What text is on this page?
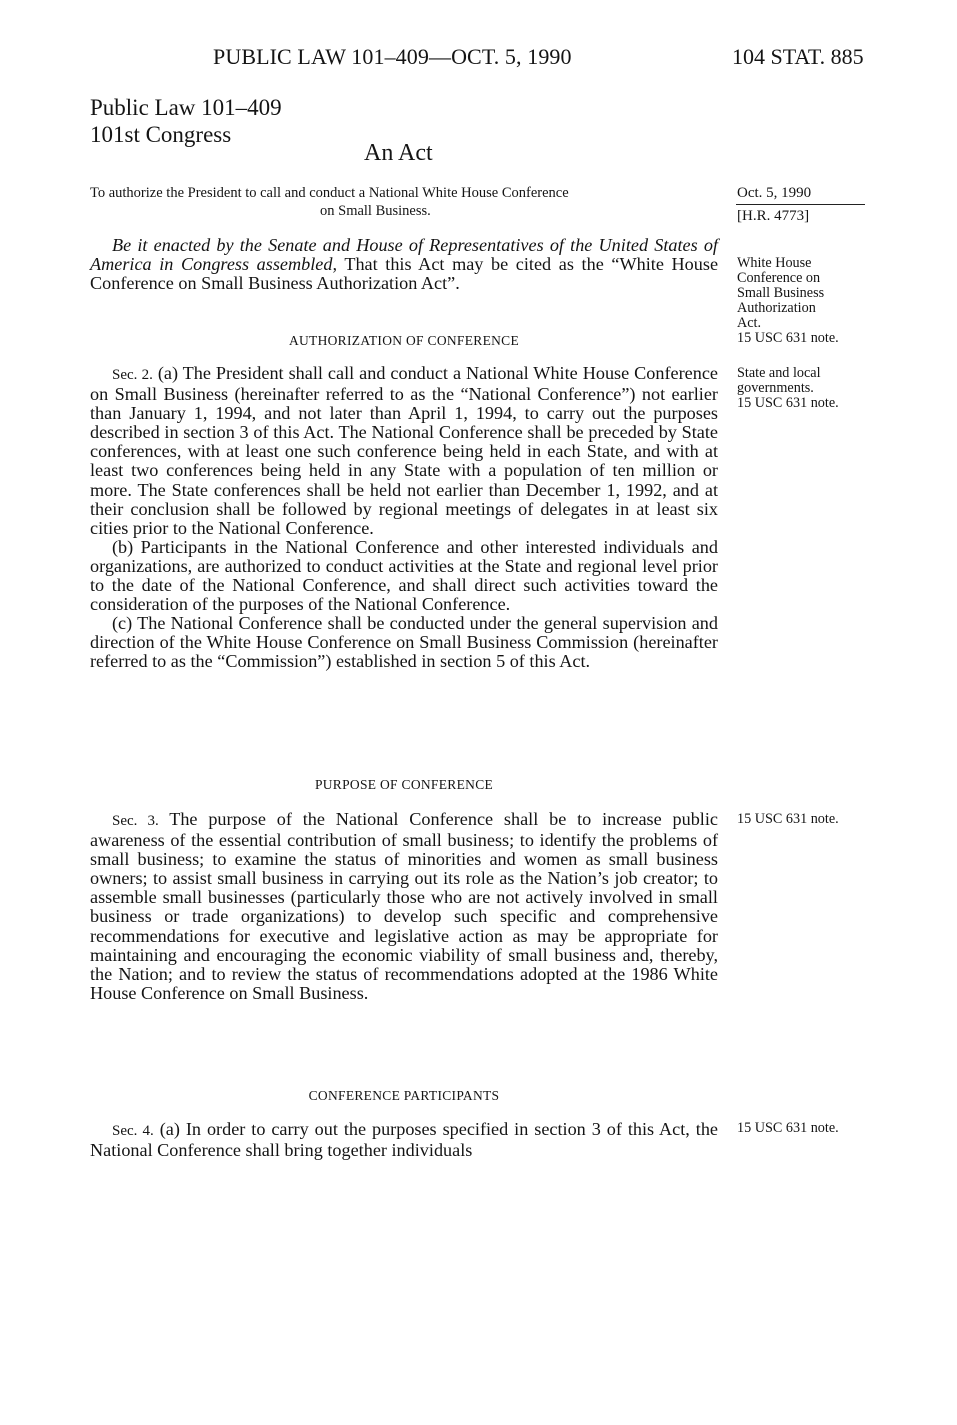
PUBLIC LAW 101–409—OCT. 5, 1990	104 STAT. 885
Public Law 101–409
101st Congress
An Act
To authorize the President to call and conduct a National White House Conference
on Small Business.
Oct. 5, 1990
[H.R. 4773]
White House
Conference on
Small Business
Authorization
Act.
15 USC 631 note.
State and local
governments.
15 USC 631 note.
15 USC 631 note.
15 USC 631 note.

Be it enacted by the Senate and House of Representatives of the United States of America in Congress assembled, That this Act may be cited as the “White House Conference on Small Business Authorization Act”.

AUTHORIZATION OF CONFERENCE

Sec. 2. (a) The President shall call and conduct a National White House Conference on Small Business (hereinafter referred to as the “National Conference”) not earlier than January 1, 1994, and not later than April 1, 1994, to carry out the purposes described in section 3 of this Act. The National Conference shall be preceded by State conferences, with at least one such conference being held in each State, and with at least two conferences being held in any State with a population of ten million or more. The State conferences shall be held not earlier than December 1, 1992, and at their conclusion shall be followed by regional meetings of delegates in at least six cities prior to the National Conference.

(b) Participants in the National Conference and other interested individuals and organizations, are authorized to conduct activities at the State and regional level prior to the date of the National Conference, and shall direct such activities toward the consideration of the purposes of the National Conference.

(c) The National Conference shall be conducted under the general supervision and direction of the White House Conference on Small Business Commission (hereinafter referred to as the “Commission”) established in section 5 of this Act.

PURPOSE OF CONFERENCE

Sec. 3. The purpose of the National Conference shall be to increase public awareness of the essential contribution of small business; to identify the problems of small business; to examine the status of minorities and women as small business owners; to assist small business in carrying out its role as the Nation’s job creator; to assemble small businesses (particularly those who are not actively involved in small business or trade organizations) to develop such specific and comprehensive recommendations for executive and legislative action as may be appropriate for maintaining and encouraging the economic viability of small business and, thereby, the Nation; and to review the status of recommendations adopted at the 1986 White House Conference on Small Business.

CONFERENCE PARTICIPANTS

Sec. 4. (a) In order to carry out the purposes specified in section 3 of this Act, the National Conference shall bring together individuals
